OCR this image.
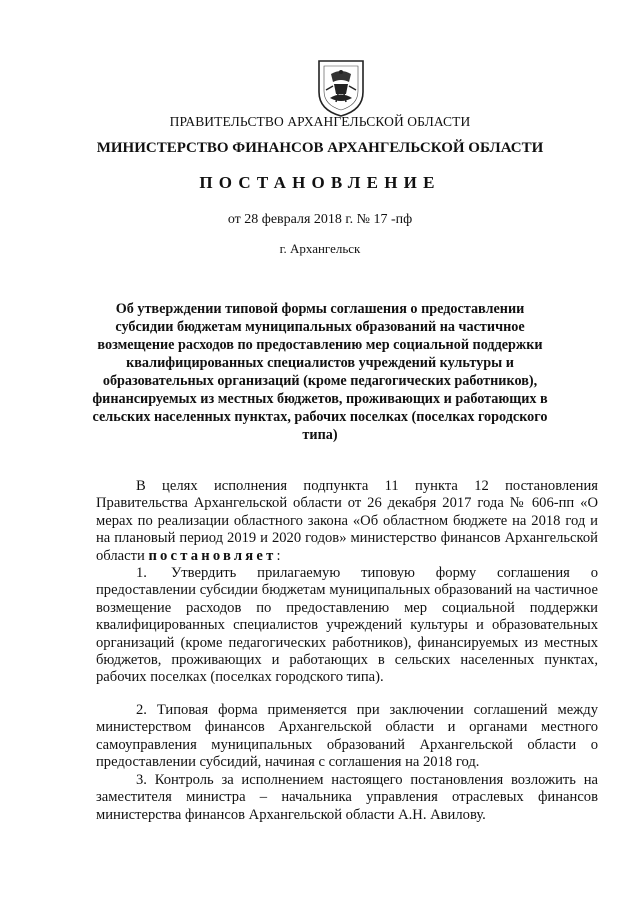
ПРАВИТЕЛЬСТВО АРХАНГЕЛЬСКОЙ ОБЛАСТИ
МИНИСТЕРСТВО ФИНАНСОВ АРХАНГЕЛЬСКОЙ ОБЛАСТИ
ПОСТАНОВЛЕНИЕ
от 28 февраля 2018 г. № 17 -пф
г. Архангельск
Об утверждении типовой формы соглашения о предоставлении субсидии бюджетам муниципальных образований на частичное возмещение расходов по предоставлению мер социальной поддержки квалифицированных специалистов учреждений культуры и образовательных организаций (кроме педагогических работников), финансируемых из местных бюджетов, проживающих и работающих в сельских населенных пунктах, рабочих поселках (поселках городского типа)
В целях исполнения подпункта 11 пункта 12 постановления Правительства Архангельской области от 26 декабря 2017 года № 606-пп «О мерах по реализации областного закона «Об областном бюджете на 2018 год и на плановый период 2019 и 2020 годов» министерство финансов Архангельской области постановляет:
1. Утвердить прилагаемую типовую форму соглашения о предоставлении субсидии бюджетам муниципальных образований на частичное возмещение расходов по предоставлению мер социальной поддержки квалифицированных специалистов учреждений культуры и образовательных организаций (кроме педагогических работников), финансируемых из местных бюджетов, проживающих и работающих в сельских населенных пунктах, рабочих поселках (поселках городского типа).
2. Типовая форма применяется при заключении соглашений между министерством финансов Архангельской области и органами местного самоуправления муниципальных образований Архангельской области о предоставлении субсидий, начиная с соглашения на 2018 год.
3. Контроль за исполнением настоящего постановления возложить на заместителя министра – начальника управления отраслевых финансов министерства финансов Архангельской области А.Н. Авилову.
